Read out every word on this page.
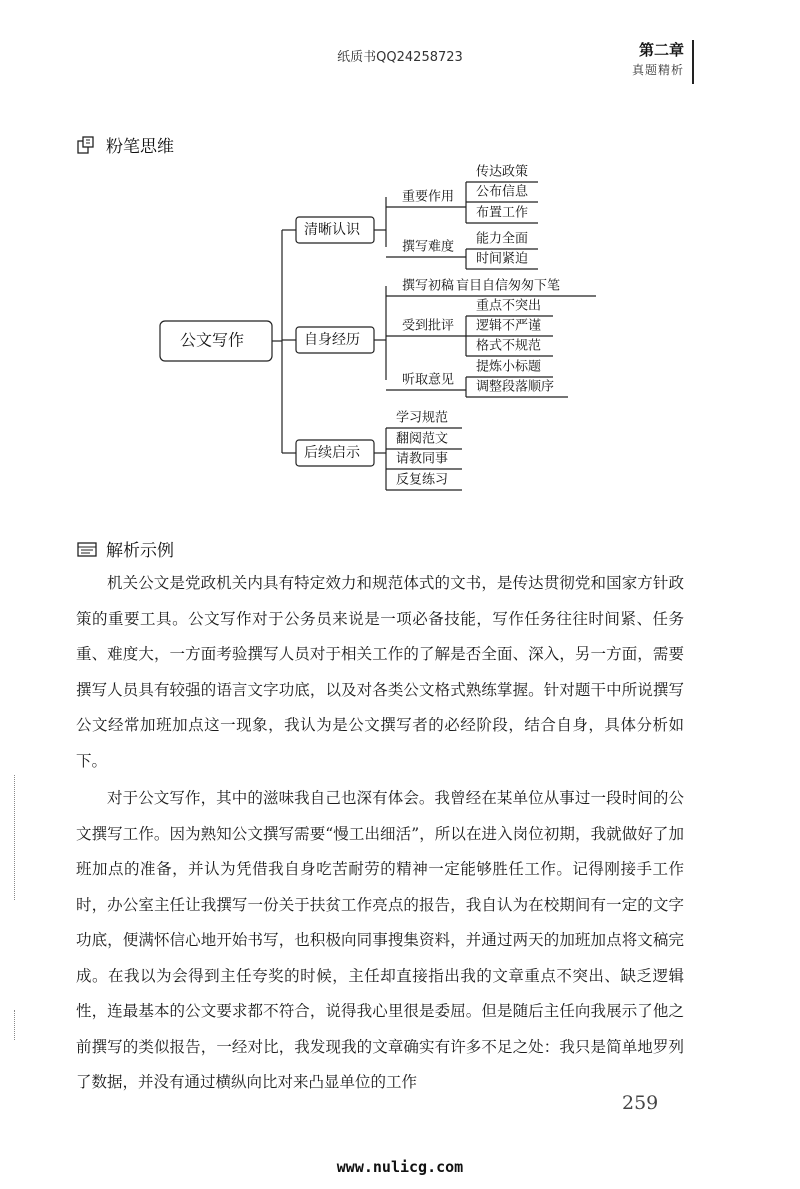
纸质书QQ24258723	第二章
真题精析
粉笔思维
公文写作
清晰认识
重要作用
传达政策
公布信息
布置工作
撰写难度
能力全面
时间紧迫
自身经历
撰写初稿 盲目自信匆匆下笔
受到批评
重点不突出
逻辑不严谨
格式不规范
听取意见
提炼小标题
调整段落顺序
后续启示
学习规范
翻阅范文
请教同事
反复练习
解析示例

机关公文是党政机关内具有特定效力和规范体式的文书，是传达贯彻党和国家方针政策的重要工具。公文写作对于公务员来说是一项必备技能，写作任务往往时间紧、任务重、难度大，一方面考验撰写人员对于相关工作的了解是否全面、深入，另一方面，需要撰写人员具有较强的语言文字功底，以及对各类公文格式熟练掌握。针对题干中所说撰写公文经常加班加点这一现象，我认为是公文撰写者的必经阶段，结合自身，具体分析如下。

对于公文写作，其中的滋味我自己也深有体会。我曾经在某单位从事过一段时间的公文撰写工作。因为熟知公文撰写需要“慢工出细活”，所以在进入岗位初期，我就做好了加班加点的准备，并认为凭借我自身吃苦耐劳的精神一定能够胜任工作。记得刚接手工作时，办公室主任让我撰写一份关于扶贫工作亮点的报告，我自认为在校期间有一定的文字功底，便满怀信心地开始书写，也积极向同事搜集资料，并通过两天的加班加点将文稿完成。在我以为会得到主任夸奖的时候，主任却直接指出我的文章重点不突出、缺乏逻辑性，连最基本的公文要求都不符合，说得我心里很是委屈。但是随后主任向我展示了他之前撰写的类似报告，一经对比，我发现我的文章确实有许多不足之处：我只是简单地罗列了数据，并没有通过横纵向比对来凸显单位的工作

259
www.nulicg.com
